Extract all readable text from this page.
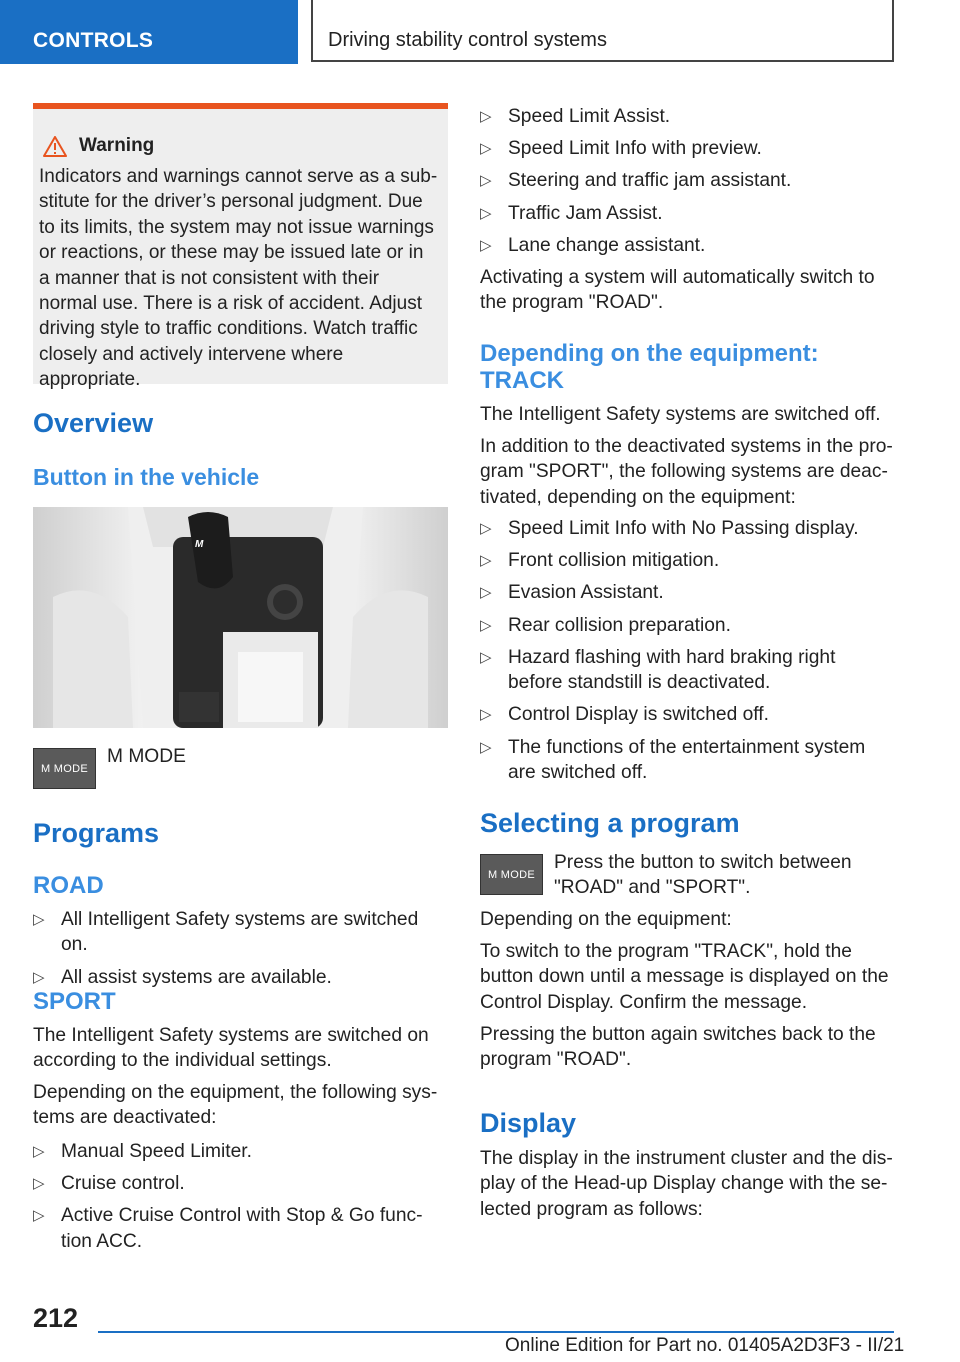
CONTROLS	Driving stability control systems
Warning
Indicators and warnings cannot serve as a sub-stitute for the driver’s personal judgment. Due to its limits, the system may not issue warnings or reactions, or these may be issued late or in a manner that is not consistent with their normal use. There is a risk of accident. Adjust driving style to traffic conditions. Watch traffic closely and actively intervene where appropriate.
Overview
Button in the vehicle
M
M MODE
M MODE
Programs
ROAD
▷ All Intelligent Safety systems are switched on.
▷ All assist systems are available.
SPORT
The Intelligent Safety systems are switched on according to the individual settings.
Depending on the equipment, the following sys-tems are deactivated:
▷ Manual Speed Limiter.
▷ Cruise control.
▷ Active Cruise Control with Stop & Go func-tion ACC.
▷ Speed Limit Assist.
▷ Speed Limit Info with preview.
▷ Steering and traffic jam assistant.
▷ Traffic Jam Assist.
▷ Lane change assistant.
Activating a system will automatically switch to the program "ROAD".
Depending on the equipment: TRACK
The Intelligent Safety systems are switched off.
In addition to the deactivated systems in the pro-gram "SPORT", the following systems are deac-tivated, depending on the equipment:
▷ Speed Limit Info with No Passing display.
▷ Front collision mitigation.
▷ Evasion Assistant.
▷ Rear collision preparation.
▷ Hazard flashing with hard braking right before standstill is deactivated.
▷ Control Display is switched off.
▷ The functions of the entertainment system are switched off.
Selecting a program
M MODE
Press the button to switch between "ROAD" and "SPORT".
Depending on the equipment:
To switch to the program "TRACK", hold the button down until a message is displayed on the Control Display. Confirm the message.
Pressing the button again switches back to the program "ROAD".
Display
The display in the instrument cluster and the dis-play of the Head-up Display change with the se-lected program as follows:
212
Online Edition for Part no. 01405A2D3F3 - II/21
